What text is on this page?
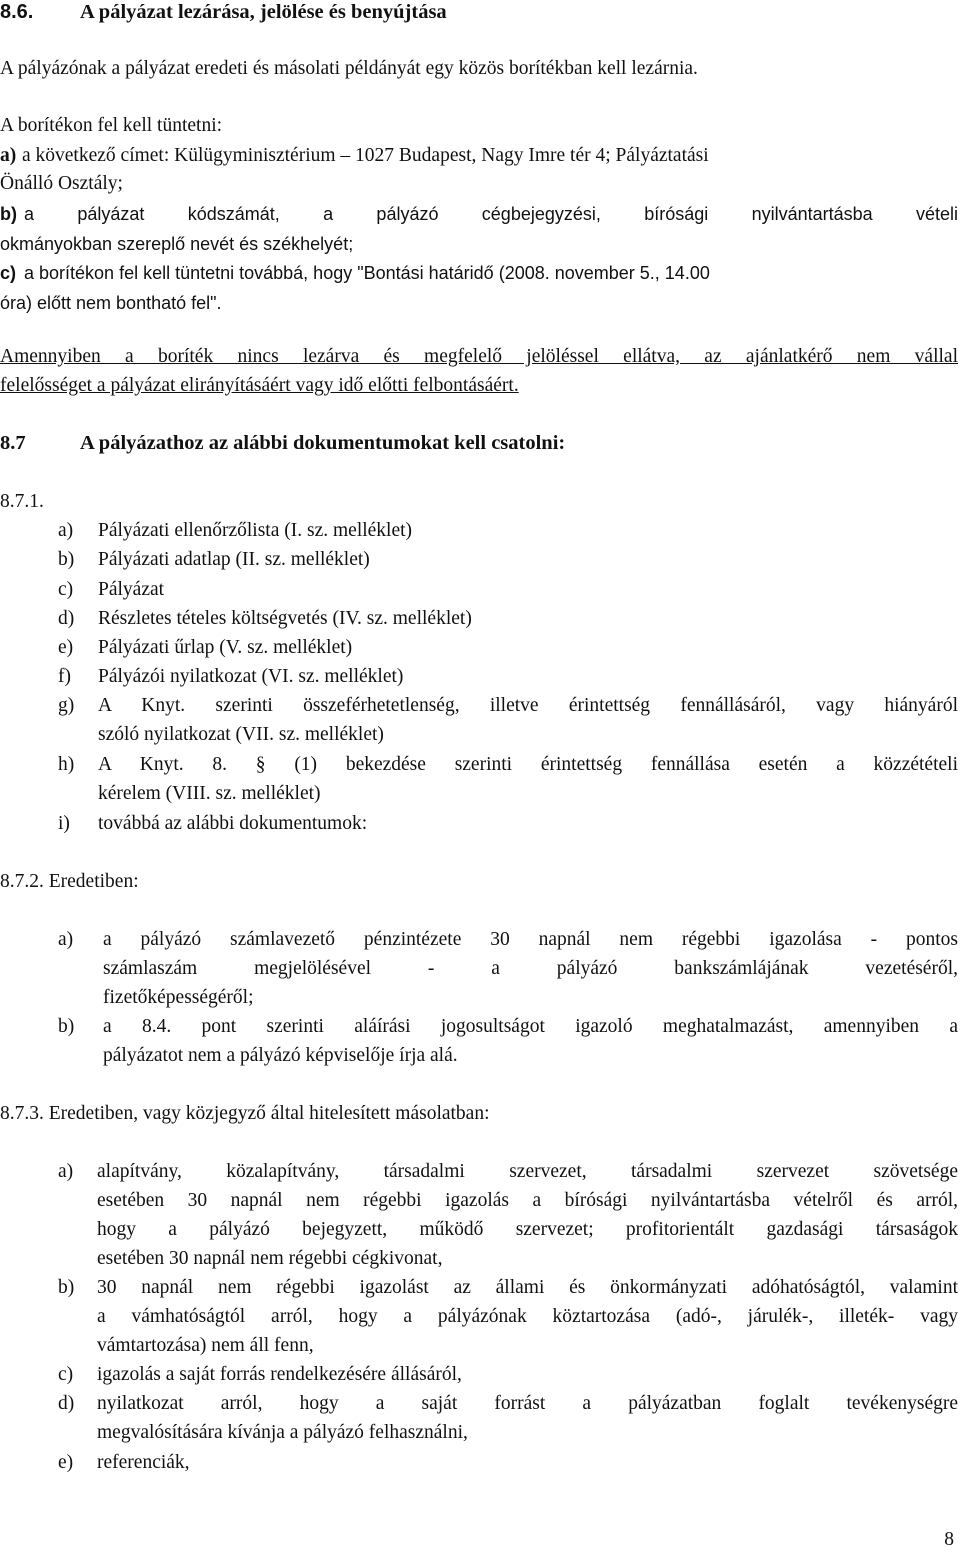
8.6. A pályázat lezárása, jelölése és benyújtása
A pályázónak a pályázat eredeti és másolati példányát egy közös borítékban kell lezárnia.
A borítékon fel kell tüntetni:
a) a következő címet: Külügyminisztérium – 1027 Budapest, Nagy Imre tér 4; Pályáztatási
Önálló Osztály;
b) a pályázat kódszámát, a pályázó cégbejegyzési, bírósági nyilvántartásba vételi
okmányokban szereplő nevét és székhelyét;
c) a borítékon fel kell tüntetni továbbá, hogy "Bontási határidő (2008. november 5., 14.00
óra) előtt nem bontható fel".
Amennyiben a boríték nincs lezárva és megfelelő jelöléssel ellátva, az ajánlatkérő nem vállal
felelősséget a pályázat elirányításáért vagy idő előtti felbontásáért.
8.7	A pályázathoz az alábbi dokumentumokat kell csatolni:
8.7.1.
a) Pályázati ellenőrzőlista (I. sz. melléklet)
b) Pályázati adatlap (II. sz. melléklet)
c) Pályázat
d) Részletes tételes költségvetés (IV. sz. melléklet)
e) Pályázati űrlap (V. sz. melléklet)
f) Pályázói nyilatkozat (VI. sz. melléklet)
g) A Knyt. szerinti összeférhetetlenség, illetve érintettség fennállásáról, vagy hiányáról
szóló nyilatkozat (VII. sz. melléklet)
h) A Knyt. 8. § (1) bekezdése szerinti érintettség fennállása esetén a közzétételi
kérelem (VIII. sz. melléklet)
i) továbbá az alábbi dokumentumok:
8.7.2. Eredetiben:
a) a pályázó számlavezető pénzintézete 30 napnál nem régebbi igazolása - pontos
számlaszám megjelölésével - a pályázó bankszámlájának vezetéséről,
fizetőképességéről;
b) a 8.4. pont szerinti aláírási jogosultságot igazoló meghatalmazást, amennyiben a
pályázatot nem a pályázó képviselője írja alá.
8.7.3. Eredetiben, vagy közjegyző által hitelesített másolatban:
a) alapítvány, közalapítvány, társadalmi szervezet, társadalmi szervezet szövetsége
esetében 30 napnál nem régebbi igazolás a bírósági nyilvántartásba vételről és arról,
hogy a pályázó bejegyzett, működő szervezet; profitorientált gazdasági társaságok
esetében 30 napnál nem régebbi cégkivonat,
b) 30 napnál nem régebbi igazolást az állami és önkormányzati adóhatóságtól, valamint
a vámhatóságtól arról, hogy a pályázónak köztartozása (adó-, járulék-, illeték- vagy
vámtartozása) nem áll fenn,
c) igazolás a saját forrás rendelkezésére állásáról,
d) nyilatkozat arról, hogy a saját forrást a pályázatban foglalt tevékenységre
megvalósítására kívánja a pályázó felhasználni,
e) referenciák,
8
